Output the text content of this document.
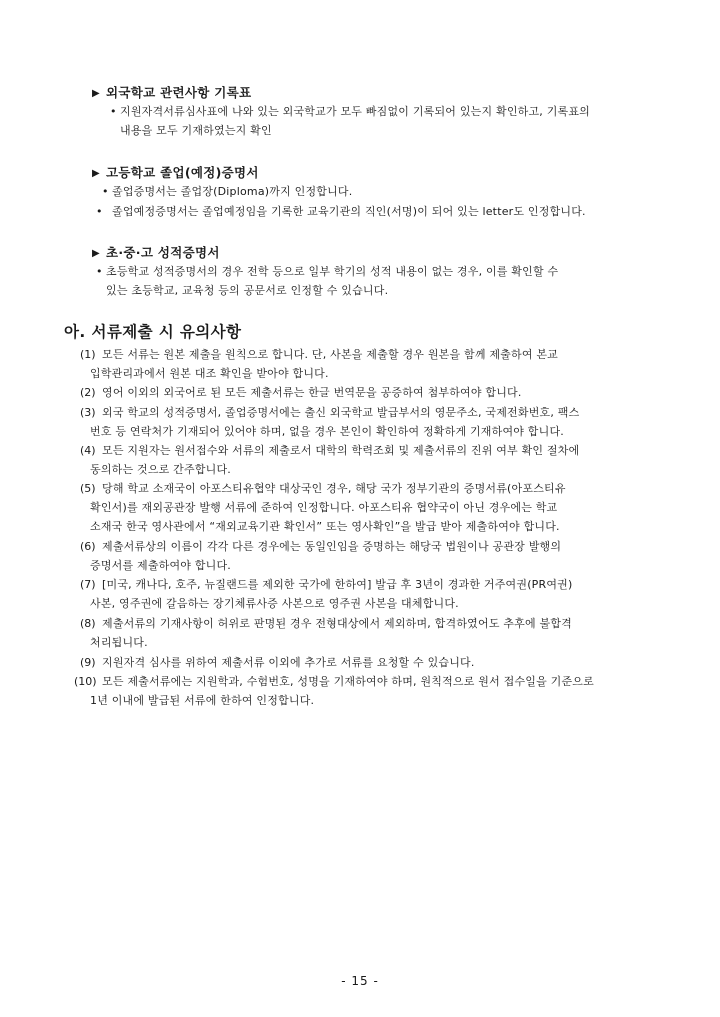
▶ 외국학교 관련사항 기록표
• 지원자격서류심사표에 나와 있는 외국학교가 모두 빠짐없이 기록되어 있는지 확인하고, 기록표의
내용을 모두 기재하였는지 확인
▶ 고등학교 졸업(예정)증명서
• 졸업증명서는 졸업장(Diploma)까지 인정합니다.
• 졸업예정증명서는 졸업예정임을 기록한 교육기관의 직인(서명)이 되어 있는 letter도 인정합니다.
▶ 초·중·고 성적증명서
• 초등학교 성적증명서의 경우 전학 등으로 일부 학기의 성적 내용이 없는 경우, 이를 확인할 수
있는 초등학교, 교육청 등의 공문서로 인정할 수 있습니다.
아. 서류제출 시 유의사항
(1) 모든 서류는 원본 제출을 원칙으로 합니다. 단, 사본을 제출할 경우 원본을 함께 제출하여 본교
입학관리과에서 원본 대조 확인을 받아야 합니다.
(2) 영어 이외의 외국어로 된 모든 제출서류는 한글 번역문을 공증하여 첨부하여야 합니다.
(3) 외국 학교의 성적증명서, 졸업증명서에는 출신 외국학교 발급부서의 영문주소, 국제전화번호, 팩스
번호 등 연락처가 기재되어 있어야 하며, 없을 경우 본인이 확인하여 정확하게 기재하여야 합니다.
(4) 모든 지원자는 원서접수와 서류의 제출로서 대학의 학력조회 및 제출서류의 진위 여부 확인 절차에
동의하는 것으로 간주합니다.
(5) 당해 학교 소재국이 아포스티유협약 대상국인 경우, 해당 국가 정부기관의 증명서류(아포스티유
확인서)를 재외공관장 발행 서류에 준하여 인정합니다. 아포스티유 협약국이 아닌 경우에는 학교
소재국 한국 영사관에서 “재외교육기관 확인서” 또는 영사확인”을 발급 받아 제출하여야 합니다.
(6) 제출서류상의 이름이 각각 다른 경우에는 동일인임을 증명하는 해당국 법원이나 공관장 발행의
증명서를 제출하여야 합니다.
(7) [미국, 캐나다, 호주, 뉴질랜드를 제외한 국가에 한하여] 발급 후 3년이 경과한 거주여권(PR여권)
사본, 영주권에 갈음하는 장기체류사증 사본으로 영주권 사본을 대체합니다.
(8) 제출서류의 기재사항이 허위로 판명된 경우 전형대상에서 제외하며, 합격하였어도 추후에 불합격
처리됩니다.
(9) 지원자격 심사를 위하여 제출서류 이외에 추가로 서류를 요청할 수 있습니다.
(10) 모든 제출서류에는 지원학과, 수험번호, 성명을 기재하여야 하며, 원칙적으로 원서 접수일을 기준으로
1년 이내에 발급된 서류에 한하여 인정합니다.
- 15 -
